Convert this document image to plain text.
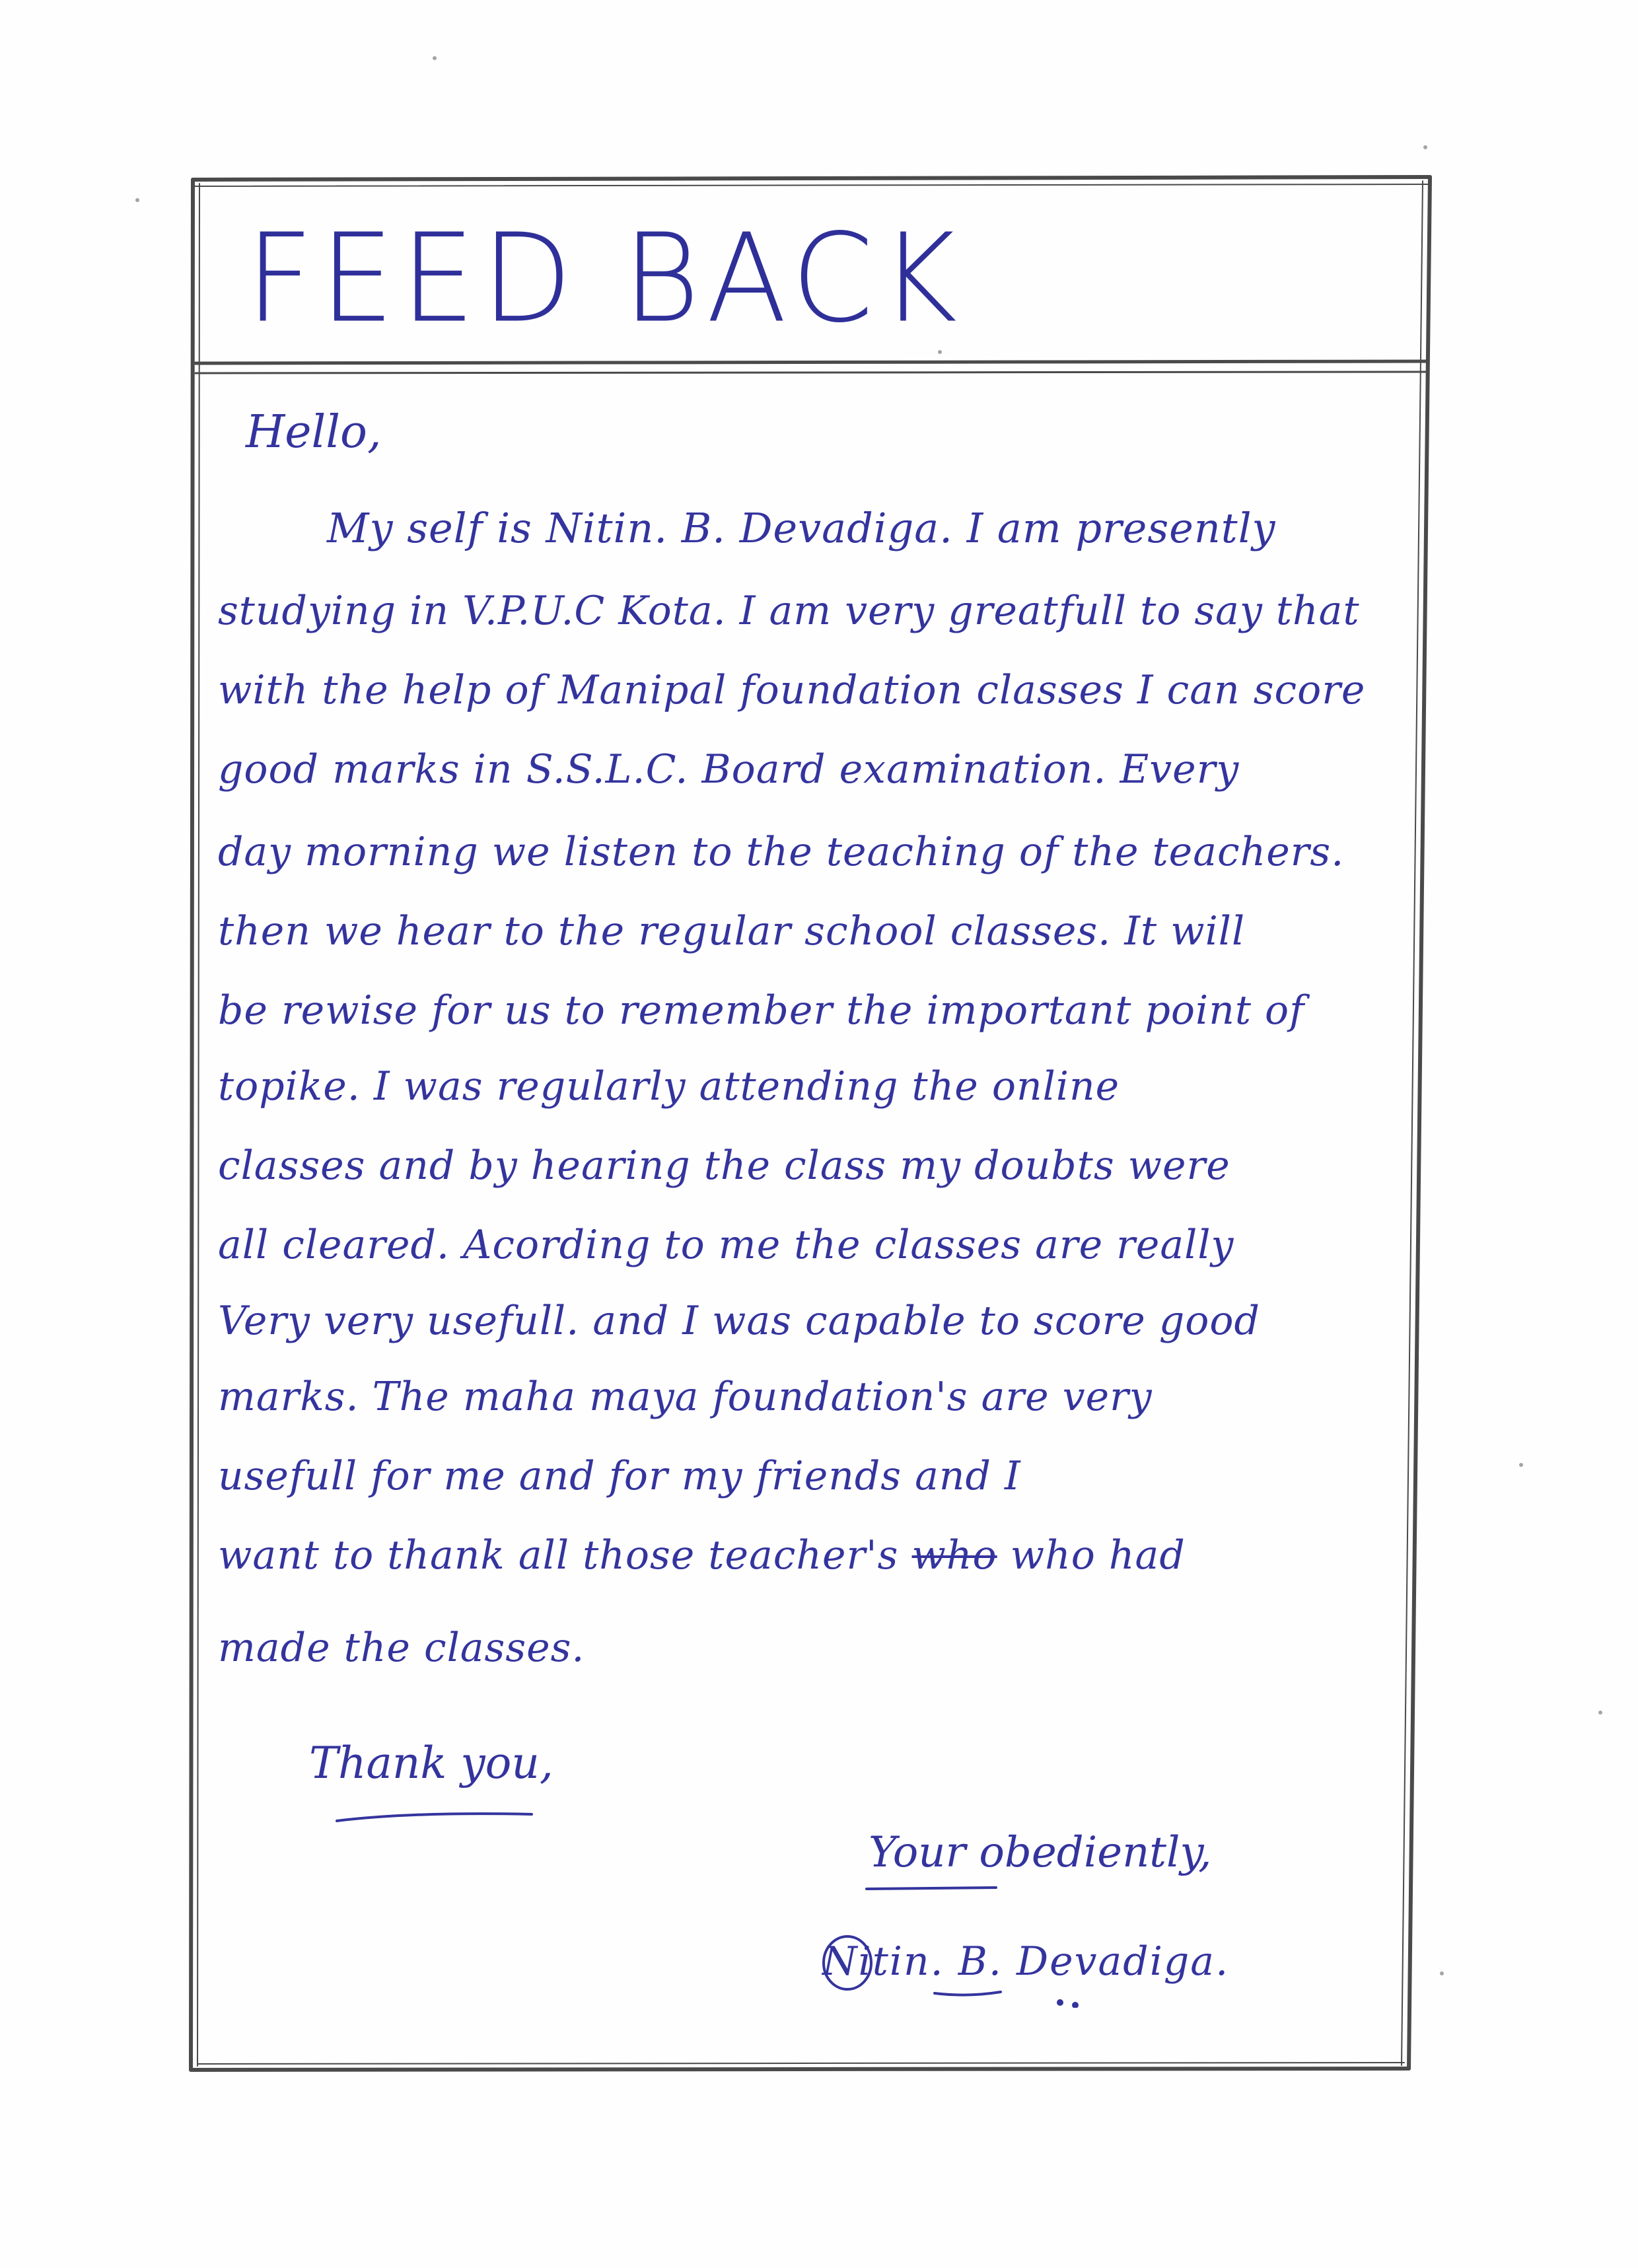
FEED BACK
Hello,
My self is Nitin. B. Devadiga. I am presently
studying in V.P.U.C Kota. I am very greatfull to say that
with the help of Manipal foundation classes I can score
good marks in S.S.L.C. Board examination. Every
day morning we listen to the teaching of the teachers.
then we hear to the regular school classes. It will
be rewise for us to remember the important point of
topike. I was regularly attending the online
classes and by hearing the class my doubts were
all cleared. Acording to me the classes are really
Very very usefull. and I was capable to score good
marks. The maha maya foundation's are very
usefull for me and for my friends and I
want to thank all those teacher's who who had
made the classes.
Thank you,
Your obediently,
Nitin. B. Devadiga.
